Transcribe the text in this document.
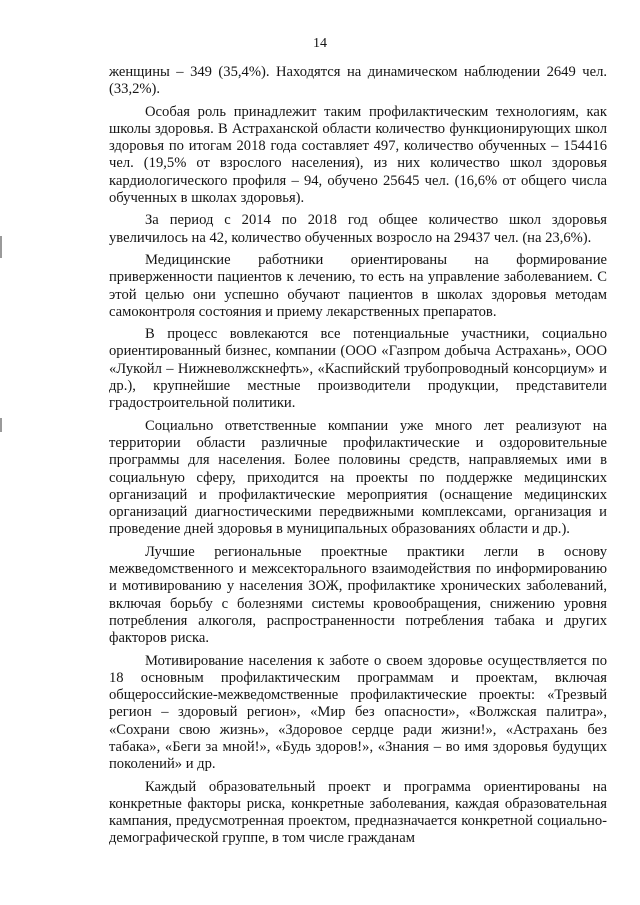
14

женщины – 349 (35,4%). Находятся на динамическом наблюдении 2649 чел. (33,2%).

Особая роль принадлежит таким профилактическим технологиям, как школы здоровья. В Астраханской области количество функционирующих школ здоровья по итогам 2018 года составляет 497, количество обученных – 154416 чел. (19,5% от взрослого населения), из них количество школ здоровья кардиологического профиля – 94, обучено 25645 чел. (16,6% от общего числа обученных в школах здоровья).

За период с 2014 по 2018 год общее количество школ здоровья увеличилось на 42, количество обученных возросло на 29437 чел. (на 23,6%).

Медицинские работники ориентированы на формирование приверженности пациентов к лечению, то есть на управление заболеванием. С этой целью они успешно обучают пациентов в школах здоровья методам самоконтроля состояния и приему лекарственных препаратов.

В процесс вовлекаются все потенциальные участники, социально ориентированный бизнес, компании (ООО «Газпром добыча Астрахань», ООО «Лукойл – Нижневолжскнефть», «Каспийский трубопроводный консорциум» и др.), крупнейшие местные производители продукции, представители градостроительной политики.

Социально ответственные компании уже много лет реализуют на территории области различные профилактические и оздоровительные программы для населения. Более половины средств, направляемых ими в социальную сферу, приходится на проекты по поддержке медицинских организаций и профилактические мероприятия (оснащение медицинских организаций диагностическими передвижными комплексами, организация и проведение дней здоровья в муниципальных образованиях области и др.).

Лучшие региональные проектные практики легли в основу межведомственного и межсекторального взаимодействия по информированию и мотивированию у населения ЗОЖ, профилактике хронических заболеваний, включая борьбу с болезнями системы кровообращения, снижению уровня потребления алкоголя, распространенности потребления табака и других факторов риска.

Мотивирование населения к заботе о своем здоровье осуществляется по 18 основным профилактическим программам и проектам, включая общероссийские-межведомственные профилактические проекты: «Трезвый регион – здоровый регион», «Мир без опасности», «Волжская палитра», «Сохрани свою жизнь», «Здоровое сердце ради жизни!», «Астрахань без табака», «Беги за мной!», «Будь здоров!», «Знания – во имя здоровья будущих поколений» и др.

Каждый образовательный проект и программа ориентированы на конкретные факторы риска, конкретные заболевания, каждая образовательная кампания, предусмотренная проектом, предназначается конкретной социально-демографической группе, в том числе гражданам
